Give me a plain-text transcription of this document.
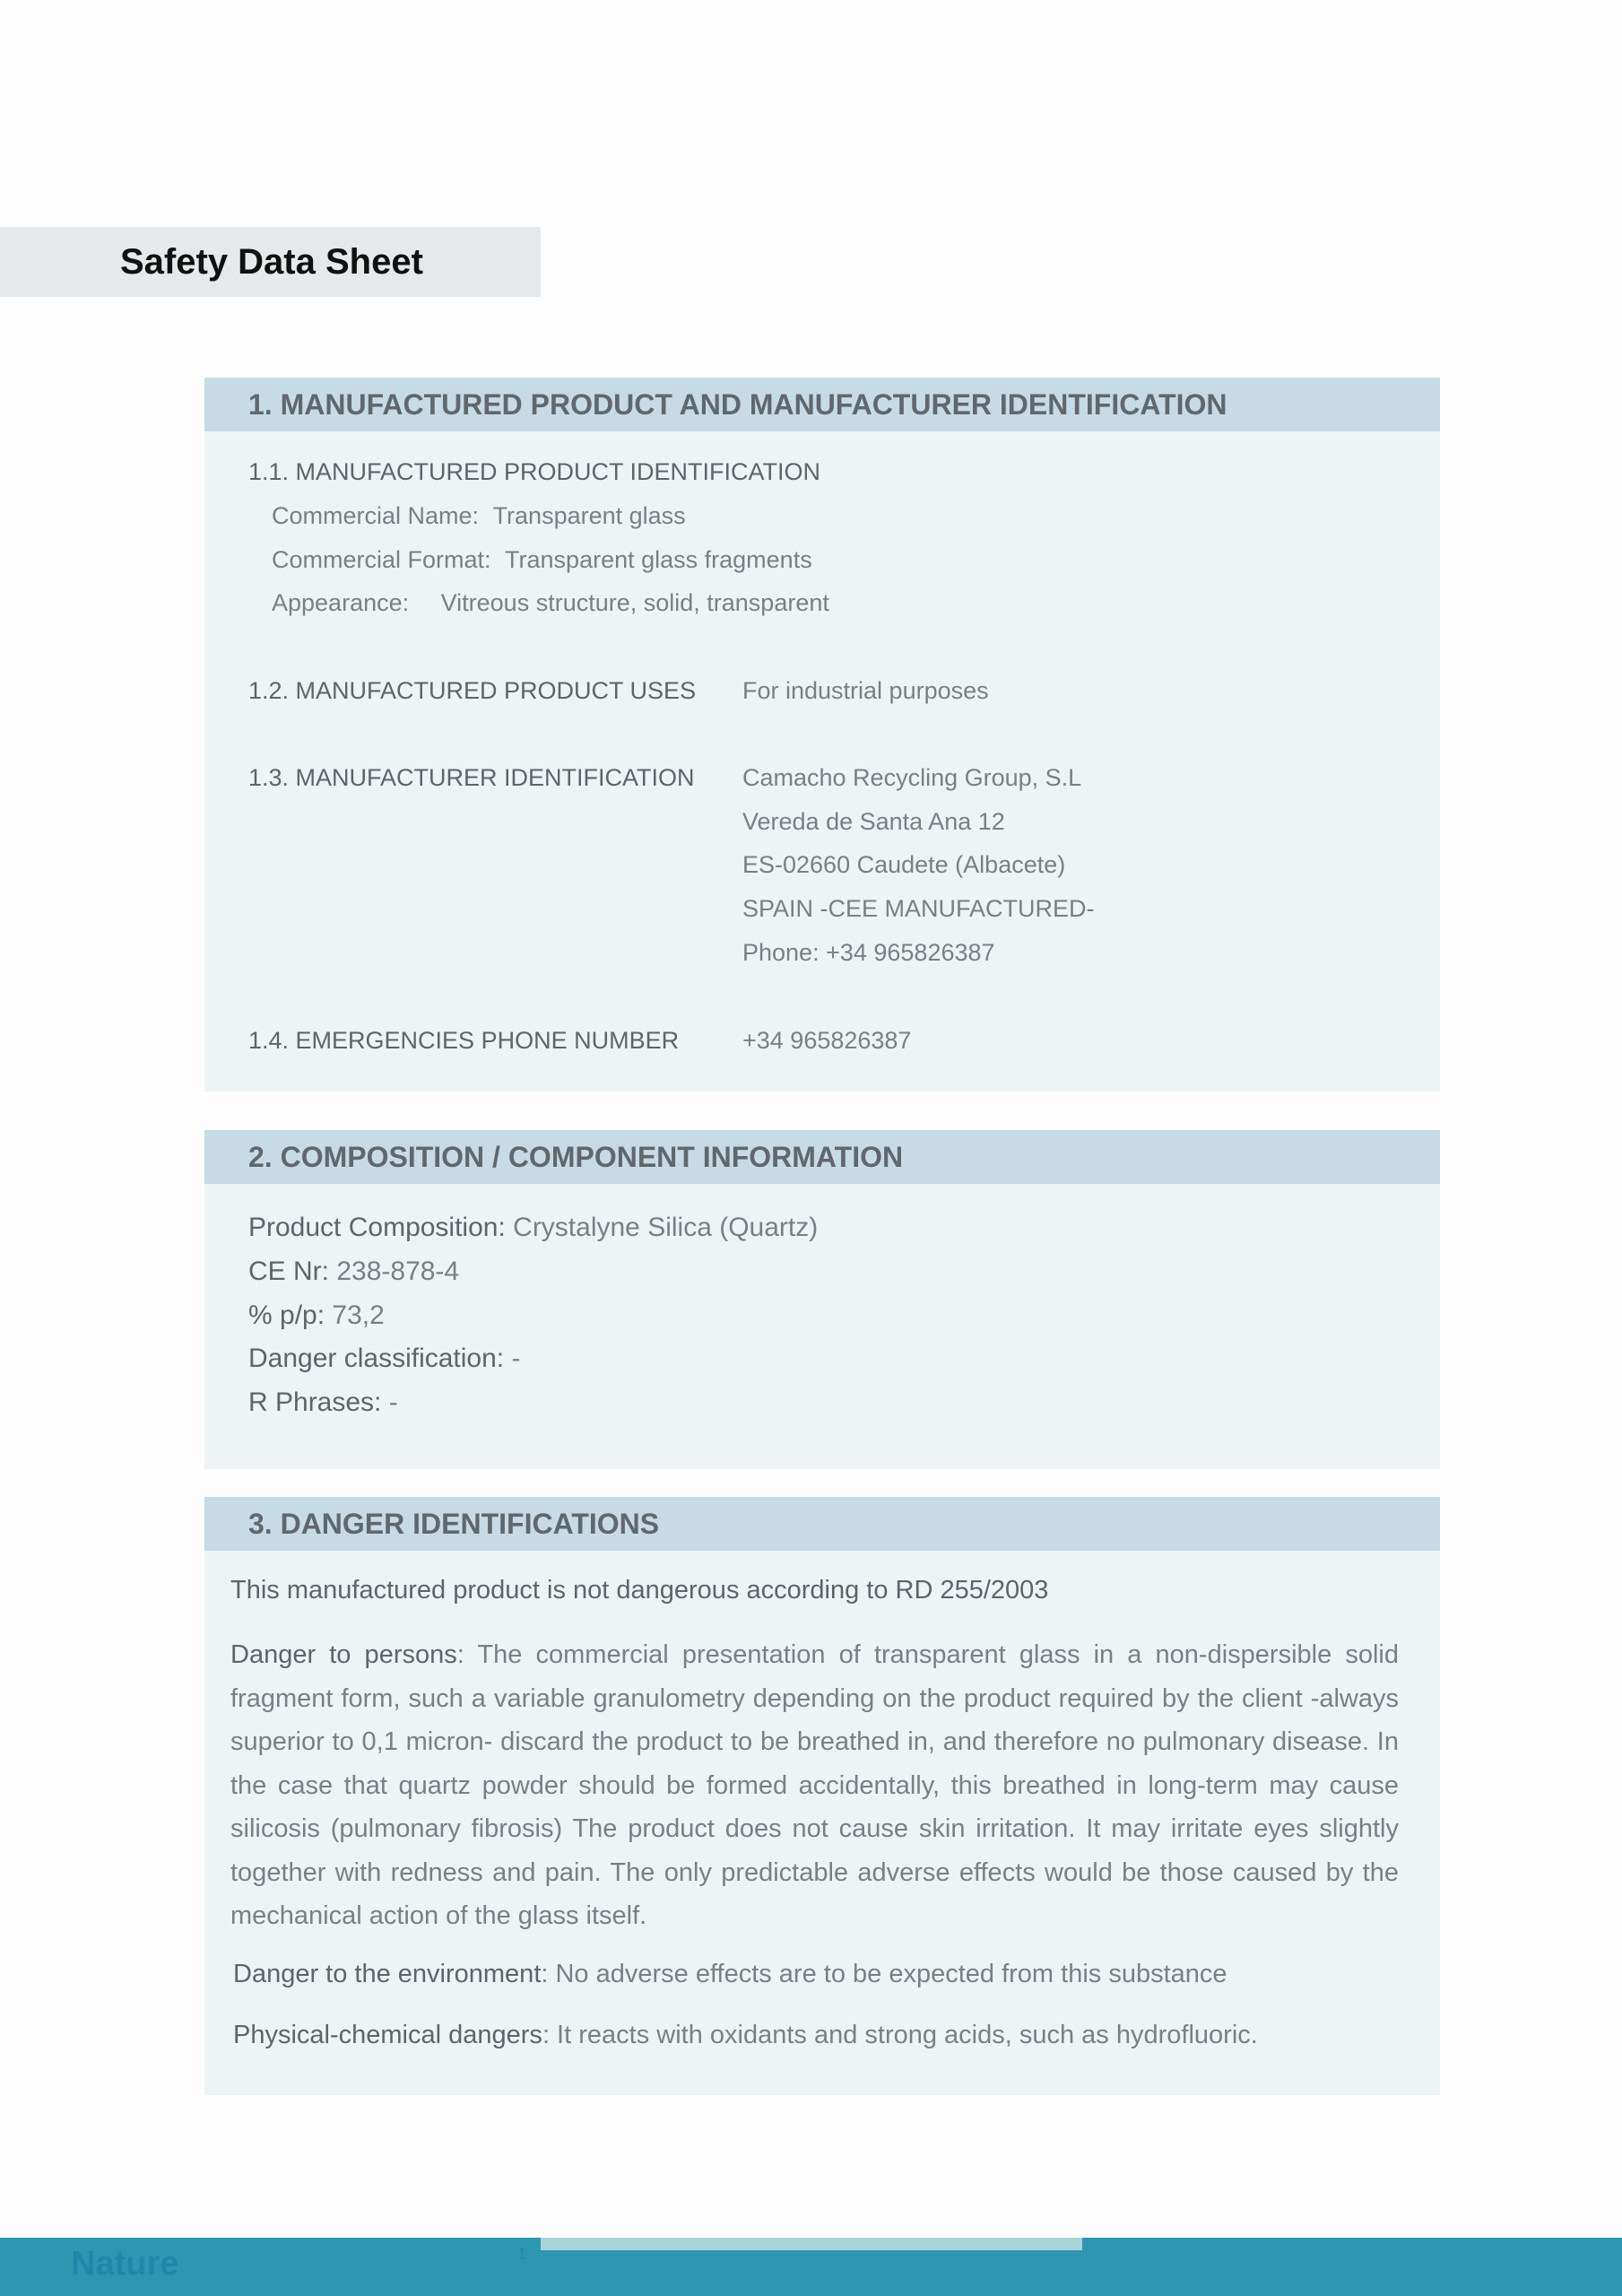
Safety Data Sheet
1. MANUFACTURED PRODUCT AND MANUFACTURER IDENTIFICATION
1.1. MANUFACTURED PRODUCT IDENTIFICATION
Commercial Name: Transparent glass
Commercial Format: Transparent glass fragments
Appearance: Vitreous structure, solid, transparent
1.2. MANUFACTURED PRODUCT USES For industrial purposes
1.3. MANUFACTURER IDENTIFICATION Camacho Recycling Group, S.L
Vereda de Santa Ana 12
ES-02660 Caudete (Albacete)
SPAIN -CEE MANUFACTURED-
Phone: +34 965826387
1.4. EMERGENCIES PHONE NUMBER	+34 965826387
2. COMPOSITION / COMPONENT INFORMATION
Product Composition: Crystalyne Silica (Quartz)
CE Nr: 238-878-4
% p/p: 73,2
Danger classification: -
R Phrases: -
3. DANGER IDENTIFICATIONS
This manufactured product is not dangerous according to RD 255/2003
Danger to persons: The commercial presentation of transparent glass in a non-dispersible solid fragment form, such a variable granulometry depending on the product required by the client -always superior to 0,1 micron- discard the product to be breathed in, and therefore no pulmonary disease. In the case that quartz powder should be formed accidentally, this breathed in long-term may cause silicosis (pulmonary fibrosis) The product does not cause skin irritation. It may irritate eyes slightly together with redness and pain. The only predictable adverse effects would be those caused by the mechanical action of the glass itself.
Danger to the environment: No adverse effects are to be expected from this substance
Physical-chemical dangers: It reacts with oxidants and strong acids, such as hydrofluoric.
Nature	1
